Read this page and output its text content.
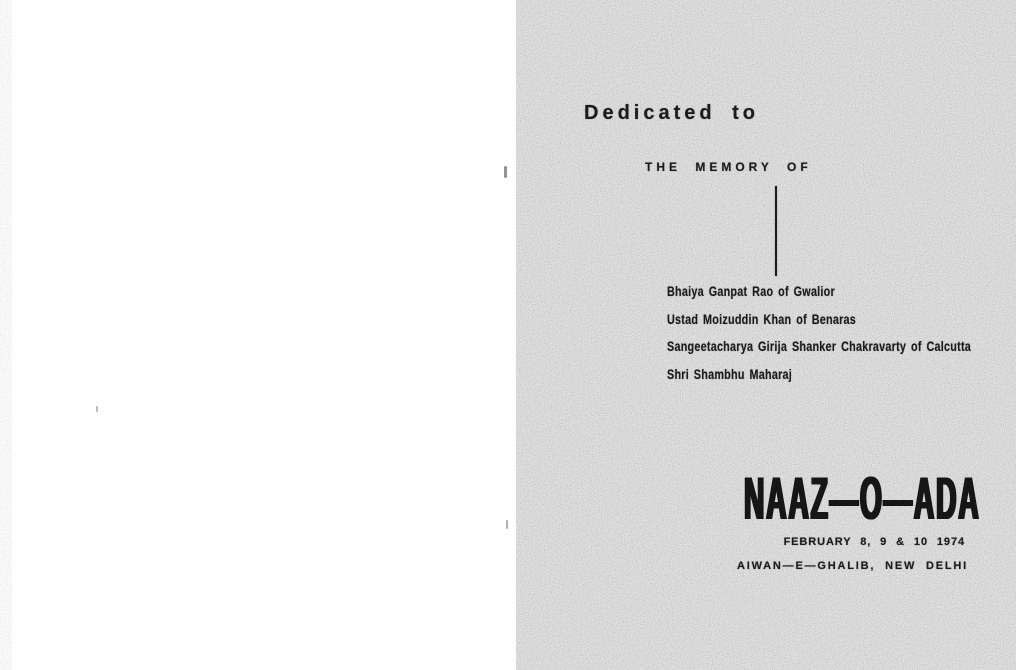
Dedicated to
THE MEMORY OF
Bhaiya Ganpat Rao of Gwalior
Ustad Moizuddin Khan of Benaras
Sangeetacharya Girija Shanker Chakravarty of Calcutta
Shri Shambhu Maharaj
NAAZ—O—ADA
FEBRUARY 8, 9 & 10 1974
AIWAN—E—GHALIB, NEW DELHI
